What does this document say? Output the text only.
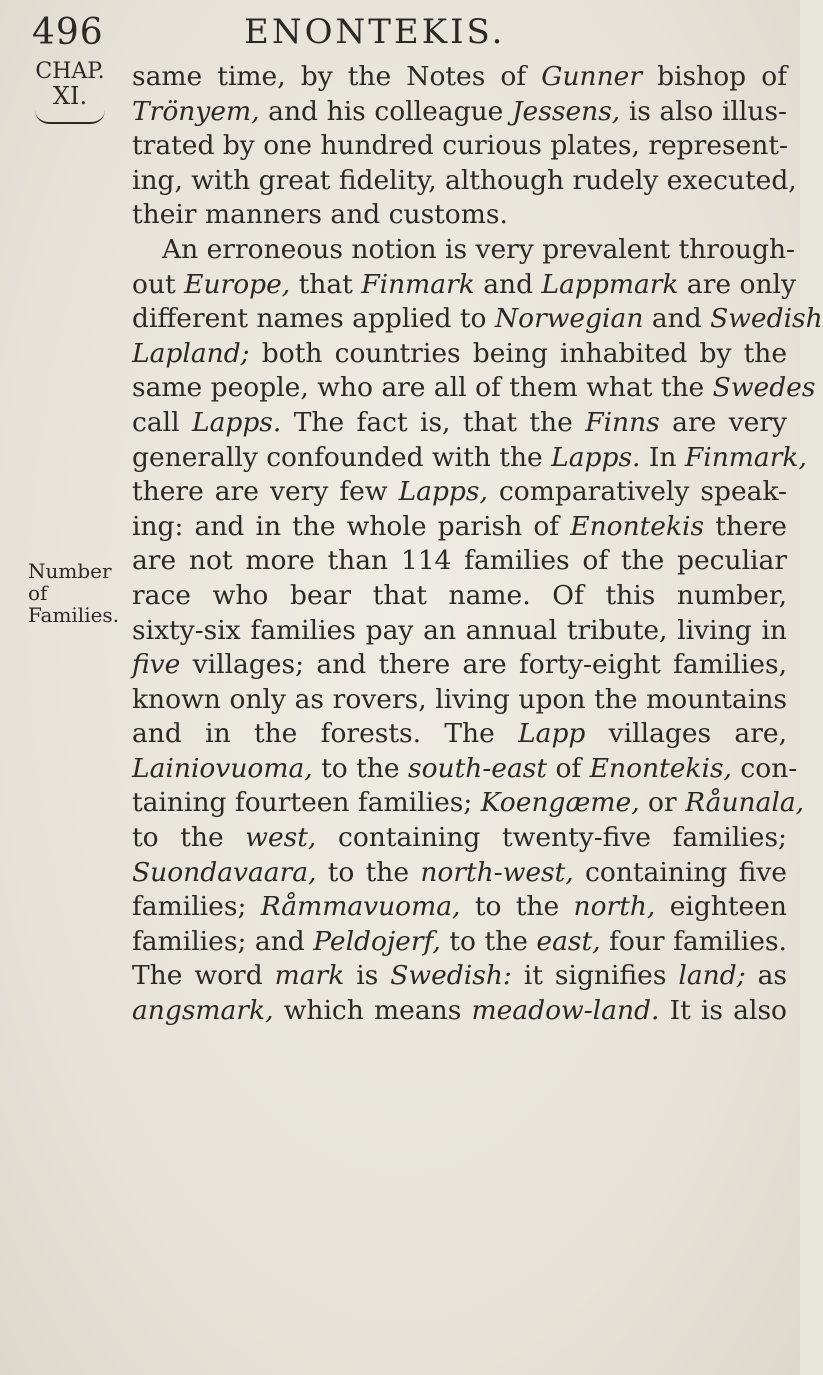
496	ENONTEKIS.
CHAP.
XI.
Number of Families.
same time, by the Notes of Gunner bishop of
Trönyem, and his colleague Jessens, is also illus-
trated by one hundred curious plates, represent-
ing, with great fidelity, although rudely executed,
their manners and customs.
An erroneous notion is very prevalent through-
out Europe, that Finmark and Lappmark are only
different names applied to Norwegian and Swedish
Lapland; both countries being inhabited by the
same people, who are all of them what the Swedes
call Lapps. The fact is, that the Finns are very
generally confounded with the Lapps. In Finmark,
there are very few Lapps, comparatively speak-
ing: and in the whole parish of Enontekis there
are not more than 114 families of the peculiar
race who bear that name. Of this number,
sixty-six families pay an annual tribute, living in
five villages; and there are forty-eight families,
known only as rovers, living upon the mountains
and in the forests. The Lapp villages are,
Lainiovuoma, to the south-east of Enontekis, con-
taining fourteen families; Koengæme, or Råunala,
to the west, containing twenty-five families;
Suondavaara, to the north-west, containing five
families; Råmmavuoma, to the north, eighteen
families; and Peldojerf, to the east, four families.
The word mark is Swedish: it signifies land; as
angsmark, which means meadow-land. It is also
